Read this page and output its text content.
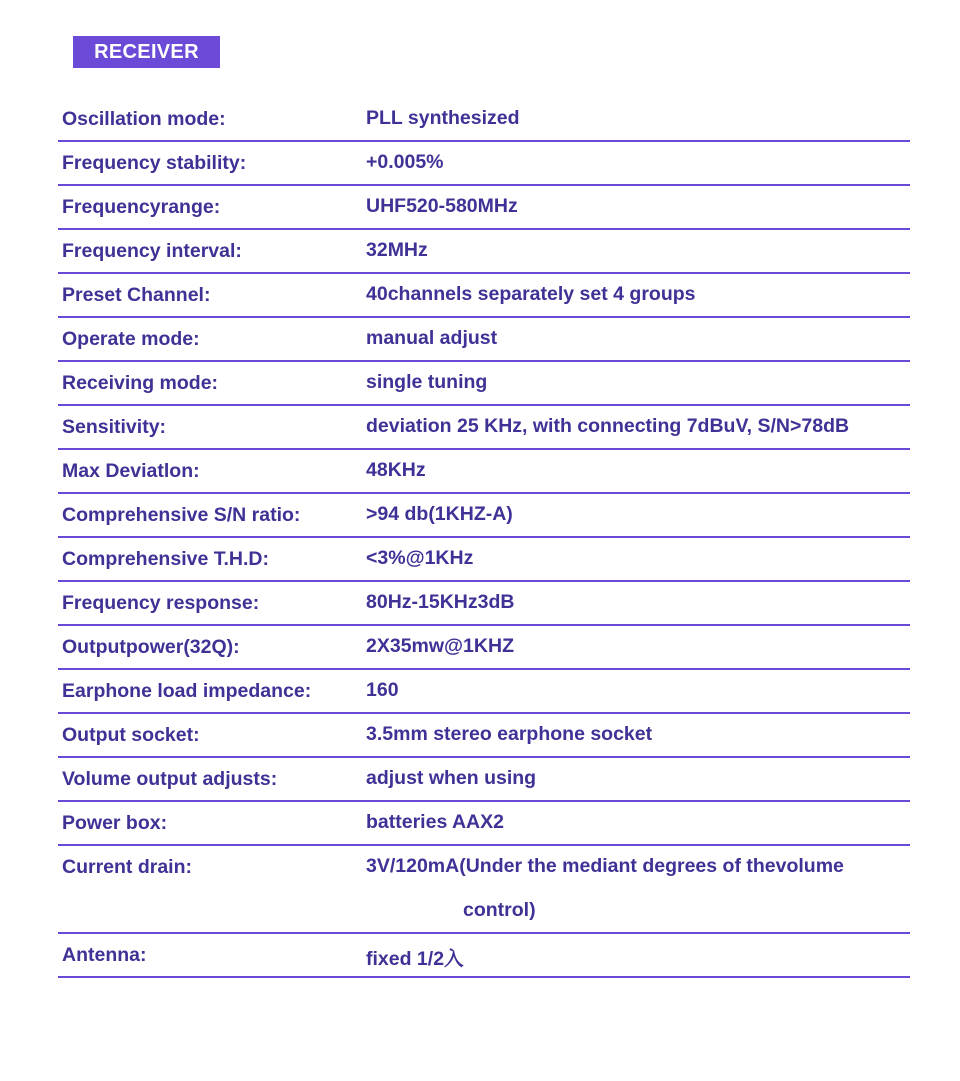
RECEIVER
Oscillation mode:	PLL synthesized
Frequency stability:	+0.005%
Frequencyrange:	UHF520-580MHz
Frequency interval:	32MHz
Preset Channel:	40channels separately set 4 groups
Operate mode:	manual adjust
Receiving mode:	single tuning
Sensitivity:	deviation 25 KHz, with connecting 7dBuV, S/N>78dB
Max Deviatlon:	48KHz
Comprehensive S/N ratio:	>94 db(1KHZ-A)
Comprehensive T.H.D:	<3%@1KHz
Frequency response:	80Hz-15KHz3dB
Outputpower(32Q):	2X35mw@1KHZ
Earphone load impedance:	160
Output socket:	3.5mm stereo earphone socket
Volume output adjusts:	adjust when using
Power box:	batteries AAX2
Current drain:	3V/120mA(Under the mediant degrees of thevolume
control)
Antenna:	fixed 1/2入
